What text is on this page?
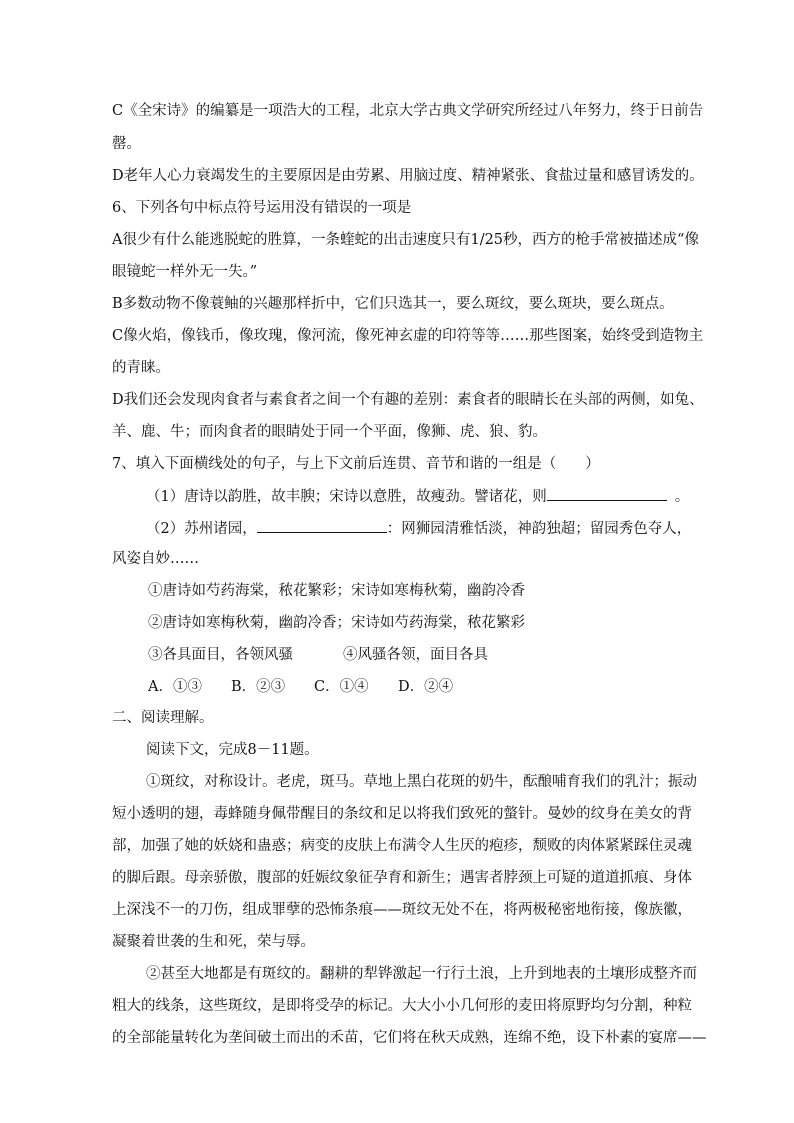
C《全宋诗》的编纂是一项浩大的工程，北京大学古典文学研究所经过八年努力，终于日前告
罄。
D老年人心力衰竭发生的主要原因是由劳累、用脑过度、精神紧张、食盐过量和感冒诱发的。
6、下列各句中标点符号运用没有错误的一项是
A很少有什么能逃脱蛇的胜算，一条蝰蛇的出击速度只有1/25秒，西方的枪手常被描述成“像
眼镜蛇一样外无一失。”
B多数动物不像蓑鲉的兴趣那样折中，它们只选其一，要么斑纹，要么斑块，要么斑点。
C像火焰，像钱币，像玫瑰，像河流，像死神玄虚的印符等等……那些图案，始终受到造物主
的青睐。
D我们还会发现肉食者与素食者之间一个有趣的差别：素食者的眼睛长在头部的两侧，如兔、
羊、鹿、牛；而肉食者的眼睛处于同一个平面，像狮、虎、狼、豹。
7、填入下面横线处的句子，与上下文前后连贯、音节和谐的一组是（　　）
（1）唐诗以韵胜，故丰腴；宋诗以意胜，故瘦劲。譬诸花，则	。
（2）苏州诸园，	：网狮园清雅恬淡，神韵独超；留园秀色夺人，
风姿自妙……
①唐诗如芍药海棠，秾花繁彩；宋诗如寒梅秋菊，幽韵冷香
②唐诗如寒梅秋菊，幽韵冷香；宋诗如芍药海棠，秾花繁彩
③各具面目，各领风骚	④风骚各领，面目各具
A．①③ B．②③ C．①④ D．②④
二、阅读理解。
阅读下文，完成8－11题。
①斑纹，对称设计。老虎，斑马。草地上黑白花斑的奶牛，酝酿哺育我们的乳汁；振动
短小透明的翅，毒蜂随身佩带醒目的条纹和足以将我们致死的螫针。曼妙的纹身在美女的背
部，加强了她的妖娆和蛊惑；病变的皮肤上布满令人生厌的疱疹，颓败的肉体紧紧踩住灵魂
的脚后跟。母亲骄傲，腹部的妊娠纹象征孕育和新生；遇害者脖颈上可疑的道道抓痕、身体
上深浅不一的刀伤，组成罪孽的恐怖条痕——斑纹无处不在，将两极秘密地衔接，像族徽，
凝聚着世袭的生和死，荣与辱。
②甚至大地都是有斑纹的。翻耕的犁铧激起一行行土浪，上升到地表的土壤形成整齐而
粗大的线条，这些斑纹，是即将受孕的标记。大大小小几何形的麦田将原野均匀分割，种粒
的全部能量转化为垄间破土而出的禾苗，它们将在秋天成熟，连绵不绝，设下朴素的宴席——
